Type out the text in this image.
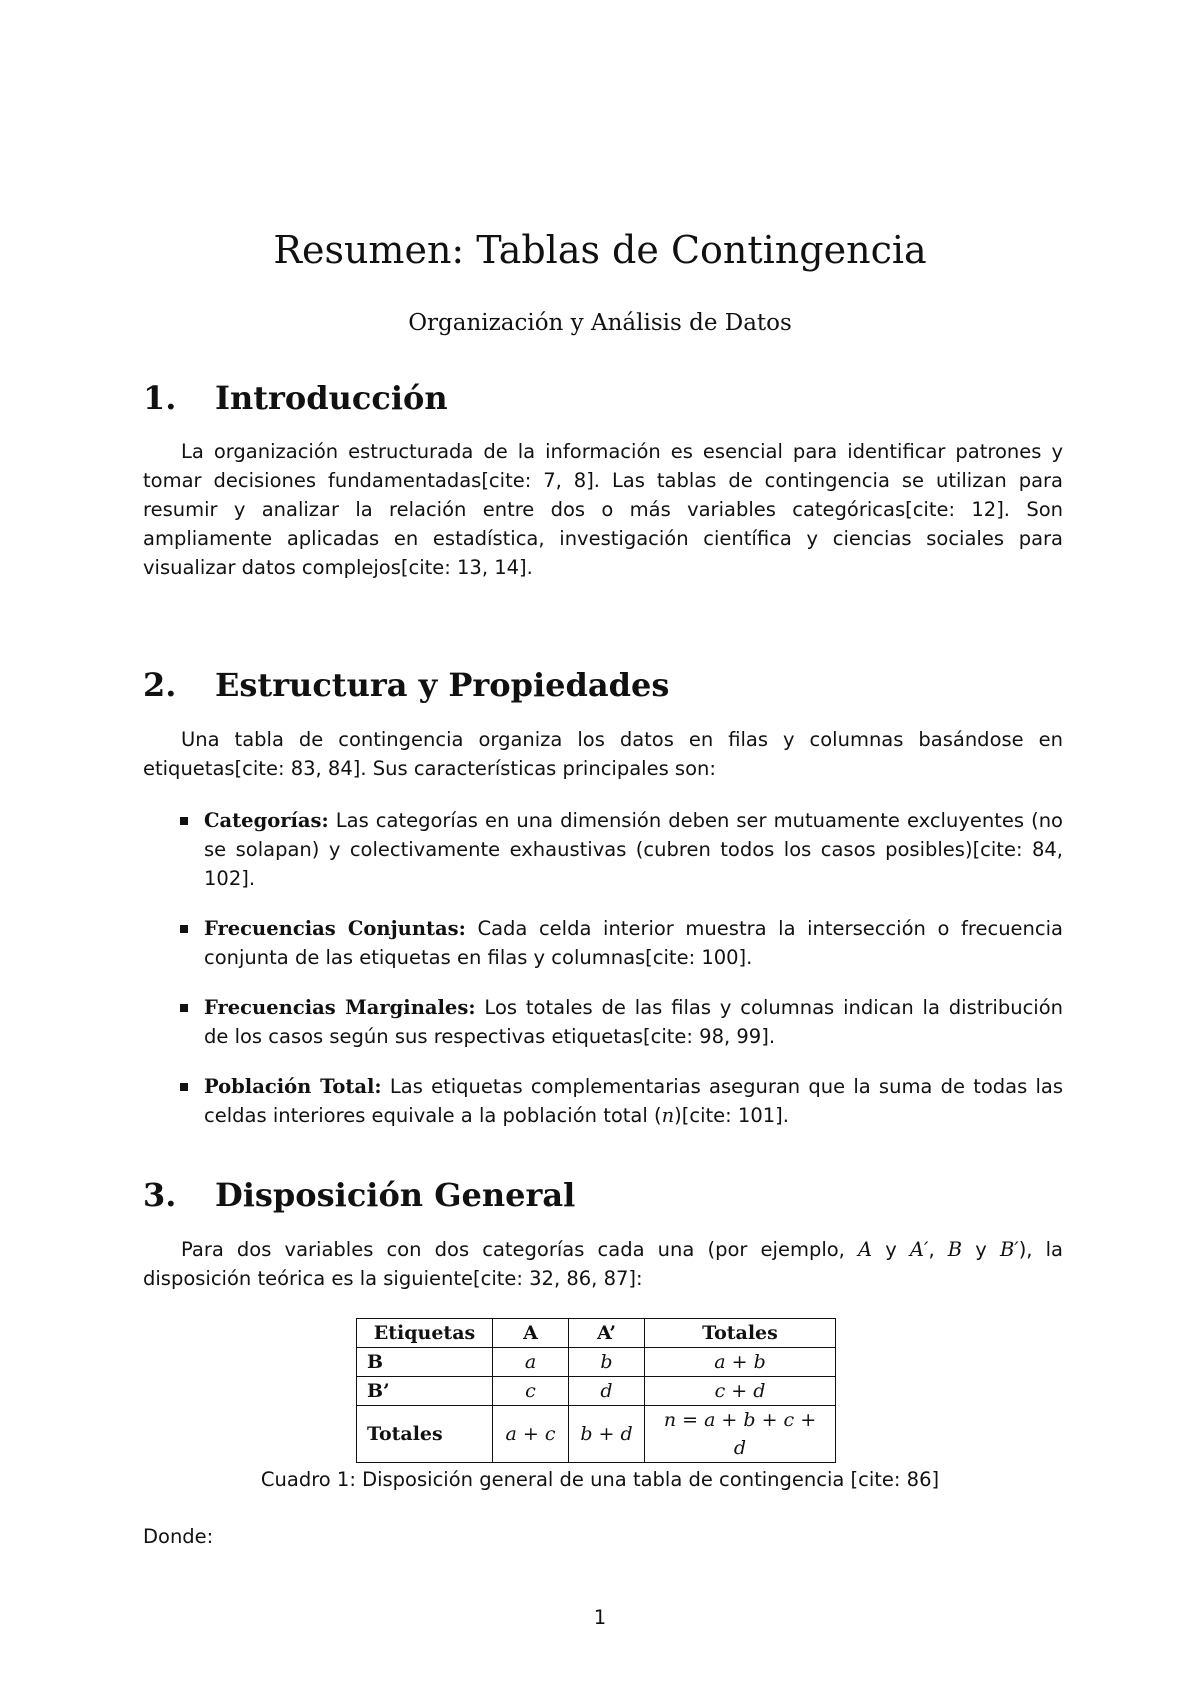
Resumen: Tablas de Contingencia
Organización y Análisis de Datos
1. Introducción
La organización estructurada de la información es esencial para identificar patrones y tomar decisiones fundamentadas[cite: 7, 8]. Las tablas de contingencia se utilizan para resumir y analizar la relación entre dos o más variables categóricas[cite: 12]. Son ampliamente aplicadas en estadística, investigación científica y ciencias sociales para visualizar datos complejos[cite: 13, 14].
2. Estructura y Propiedades
Una tabla de contingencia organiza los datos en filas y columnas basándose en etiquetas[cite: 83, 84]. Sus características principales son:
Categorías: Las categorías en una dimensión deben ser mutuamente excluyentes (no se solapan) y colectivamente exhaustivas (cubren todos los casos posibles)[cite: 84, 102].
Frecuencias Conjuntas: Cada celda interior muestra la intersección o frecuencia conjunta de las etiquetas en filas y columnas[cite: 100].
Frecuencias Marginales: Los totales de las filas y columnas indican la distribución de los casos según sus respectivas etiquetas[cite: 98, 99].
Población Total: Las etiquetas complementarias aseguran que la suma de todas las celdas interiores equivale a la población total (n)[cite: 101].
3. Disposición General
Para dos variables con dos categorías cada una (por ejemplo, A y A′, B y B′), la disposición teórica es la siguiente[cite: 32, 86, 87]:
Etiquetas	A	A’	Totales
B	a	b	a + b
B’	c	d	c + d
Totales	a + c	b + d	n = a + b + c + d
Cuadro 1: Disposición general de una tabla de contingencia [cite: 86]
Donde:
1
